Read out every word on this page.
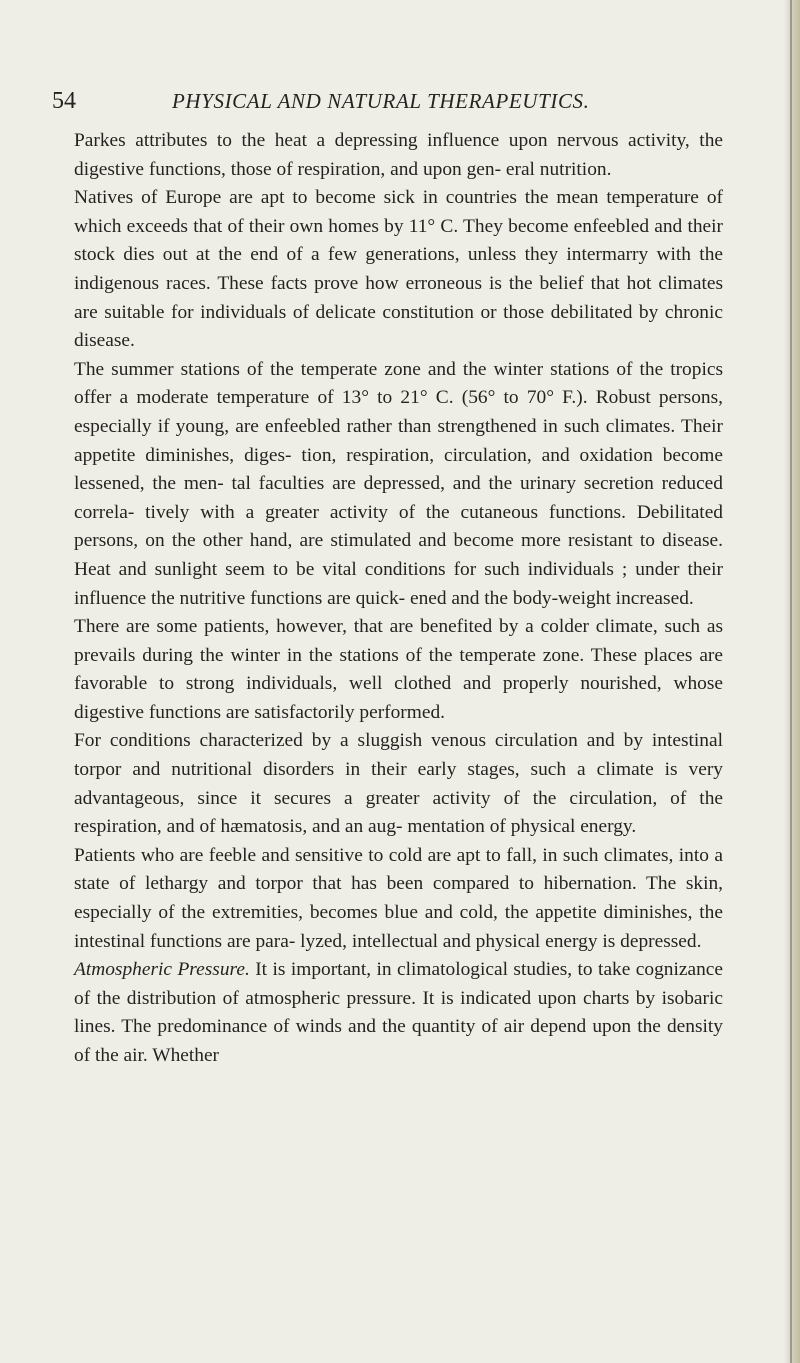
54	PHYSICAL AND NATURAL THERAPEUTICS.

Parkes attributes to the heat a depressing influence upon nervous activity, the digestive functions, those of respiration, and upon gen- eral nutrition.

Natives of Europe are apt to become sick in countries the mean temperature of which exceeds that of their own homes by 11° C. They become enfeebled and their stock dies out at the end of a few generations, unless they intermarry with the indigenous races. These facts prove how erroneous is the belief that hot climates are suitable for individuals of delicate constitution or those debilitated by chronic disease.

The summer stations of the temperate zone and the winter stations of the tropics offer a moderate temperature of 13° to 21° C. (56° to 70° F.). Robust persons, especially if young, are enfeebled rather than strengthened in such climates. Their appetite diminishes, diges- tion, respiration, circulation, and oxidation become lessened, the men- tal faculties are depressed, and the urinary secretion reduced correla- tively with a greater activity of the cutaneous functions. Debilitated persons, on the other hand, are stimulated and become more resistant to disease. Heat and sunlight seem to be vital conditions for such individuals ; under their influence the nutritive functions are quick- ened and the body-weight increased.

There are some patients, however, that are benefited by a colder climate, such as prevails during the winter in the stations of the temperate zone. These places are favorable to strong individuals, well clothed and properly nourished, whose digestive functions are satisfactorily performed.

For conditions characterized by a sluggish venous circulation and by intestinal torpor and nutritional disorders in their early stages, such a climate is very advantageous, since it secures a greater activity of the circulation, of the respiration, and of hæmatosis, and an aug- mentation of physical energy.

Patients who are feeble and sensitive to cold are apt to fall, in such climates, into a state of lethargy and torpor that has been compared to hibernation. The skin, especially of the extremities, becomes blue and cold, the appetite diminishes, the intestinal functions are para- lyzed, intellectual and physical energy is depressed.

Atmospheric Pressure. It is important, in climatological studies, to take cognizance of the distribution of atmospheric pressure. It is indicated upon charts by isobaric lines. The predominance of winds and the quantity of air depend upon the density of the air. Whether
